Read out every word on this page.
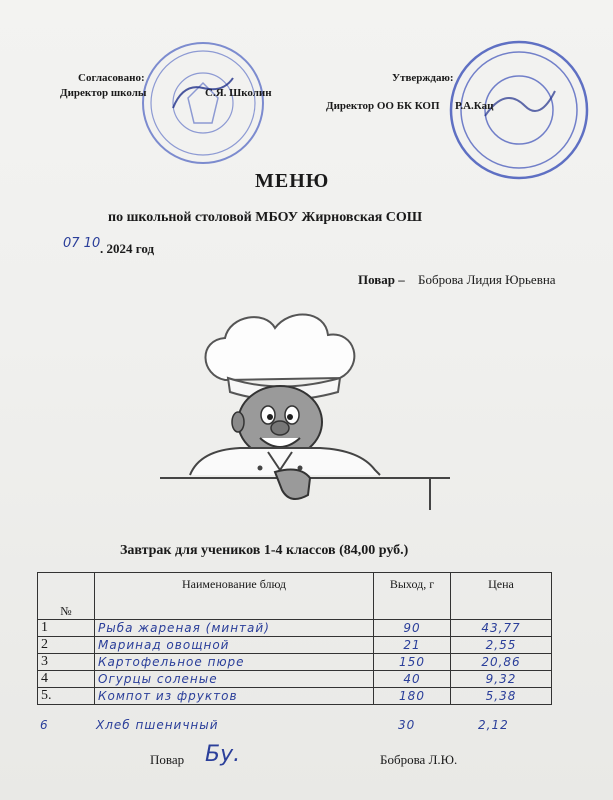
Согласовано:
Директор школы	С.Я. Школин
Утверждаю:
Директор ОО БК КОП Р.А.Кац
МЕНЮ
по школьной столовой МБОУ Жирновская СОШ
07 10 . 2024 год
Повар – Боброва Лидия Юрьевна
Завтрак для учеников 1-4 классов (84,00 руб.)
№	Наименование блюд	Выход, г	Цена
1	Рыба жареная (минтай)	90	43,77
2	Маринад овощной	21	2,55
3	Картофельное пюре	150	20,86
4	Огурцы соленые	40	9,32
5.	Компот из фруктов	180	5,38
6	Хлеб пшеничный	30	2,12
Повар Бу.	Боброва Л.Ю.
